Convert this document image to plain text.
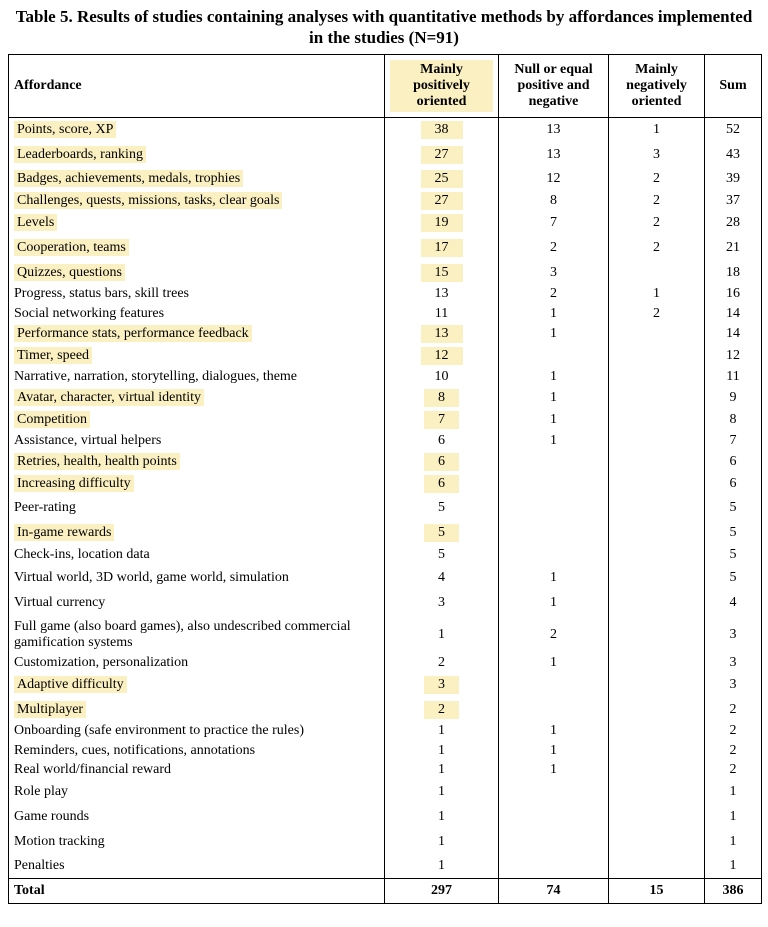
Table 5. Results of studies containing analyses with quantitative methods by affordances implemented in the studies (N=91)
Affordance	Mainly positively oriented	Null or equal positive and negative	Mainly negatively oriented	Sum
Points, score, XP	38	13	1	52
Leaderboards, ranking	27	13	3	43
Badges, achievements, medals, trophies	25	12	2	39
Challenges, quests, missions, tasks, clear goals	27	8	2	37
Levels	19	7	2	28
Cooperation, teams	17	2	2	21
Quizzes, questions	15	3		18
Progress, status bars, skill trees	13	2	1	16
Social networking features	11	1	2	14
Performance stats, performance feedback	13	1		14
Timer, speed	12			12
Narrative, narration, storytelling, dialogues, theme	10	1		11
Avatar, character, virtual identity	8	1		9
Competition	7	1		8
Assistance, virtual helpers	6	1		7
Retries, health, health points	6			6
Increasing difficulty	6			6
Peer-rating	5			5
In-game rewards	5			5
Check-ins, location data	5			5
Virtual world, 3D world, game world, simulation	4	1		5
Virtual currency	3	1		4
Full game (also board games), also undescribed commercial gamification systems	1	2		3
Customization, personalization	2	1		3
Adaptive difficulty	3			3
Multiplayer	2			2
Onboarding (safe environment to practice the rules)	1	1		2
Reminders, cues, notifications, annotations	1	1		2
Real world/financial reward	1	1		2
Role play	1			1
Game rounds	1			1
Motion tracking	1			1
Penalties	1			1
Total	297	74	15	386
